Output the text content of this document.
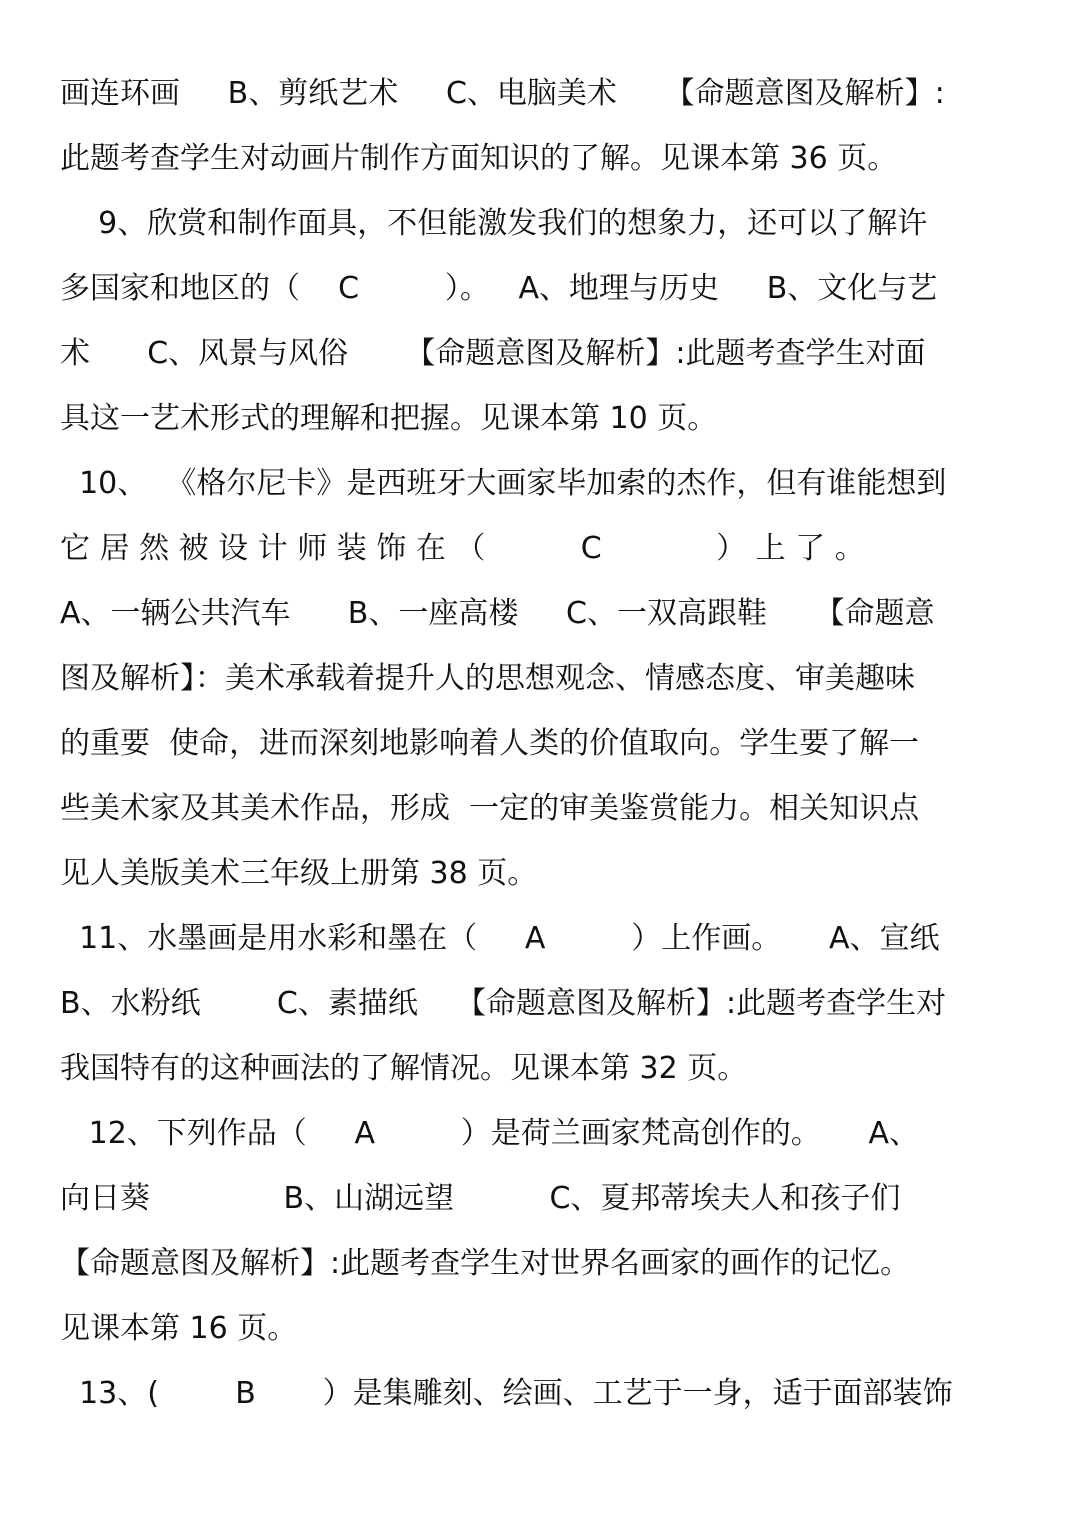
画连环画     B、剪纸艺术     C、电脑美术     【命题意图及解析】:
此题考查学生对动画片制作方面知识的了解。见课本第 36 页。
9、欣赏和制作面具，不但能激发我们的想象力，还可以了解许
多国家和地区的（    C         ）。   A、地理与历史     B、文化与艺
术      C、风景与风俗      【命题意图及解析】:此题考查学生对面
具这一艺术形式的理解和把握。见课本第 10 页。
10、  《格尔尼卡》是西班牙大画家毕加索的杰作，但有谁能想到
它 居 然 被 设 计 师 装 饰 在 （          C            ） 上 了 。
A、一辆公共汽车      B、一座高楼     C、一双高跟鞋     【命题意
图及解析】：美术承载着提升人的思想观念、情感态度、审美趣味
的重要  使命，进而深刻地影响着人类的价值取向。学生要了解一
些美术家及其美术作品，形成  一定的审美鉴赏能力。相关知识点
见人美版美术三年级上册第 38 页。
11、水墨画是用水彩和墨在（     A         ）上作画。     A、宣纸
B、水粉纸        C、素描纸    【命题意图及解析】:此题考查学生对
我国特有的这种画法的了解情况。见课本第 32 页。
12、下列作品（     A         ）是荷兰画家梵高创作的。     A、
向日葵              B、山湖远望          C、夏邦蒂埃夫人和孩子们
【命题意图及解析】:此题考查学生对世界名画家的画作的记忆。
见课本第 16 页。
13、(        B       ）是集雕刻、绘画、工艺于一身，适于面部装饰
